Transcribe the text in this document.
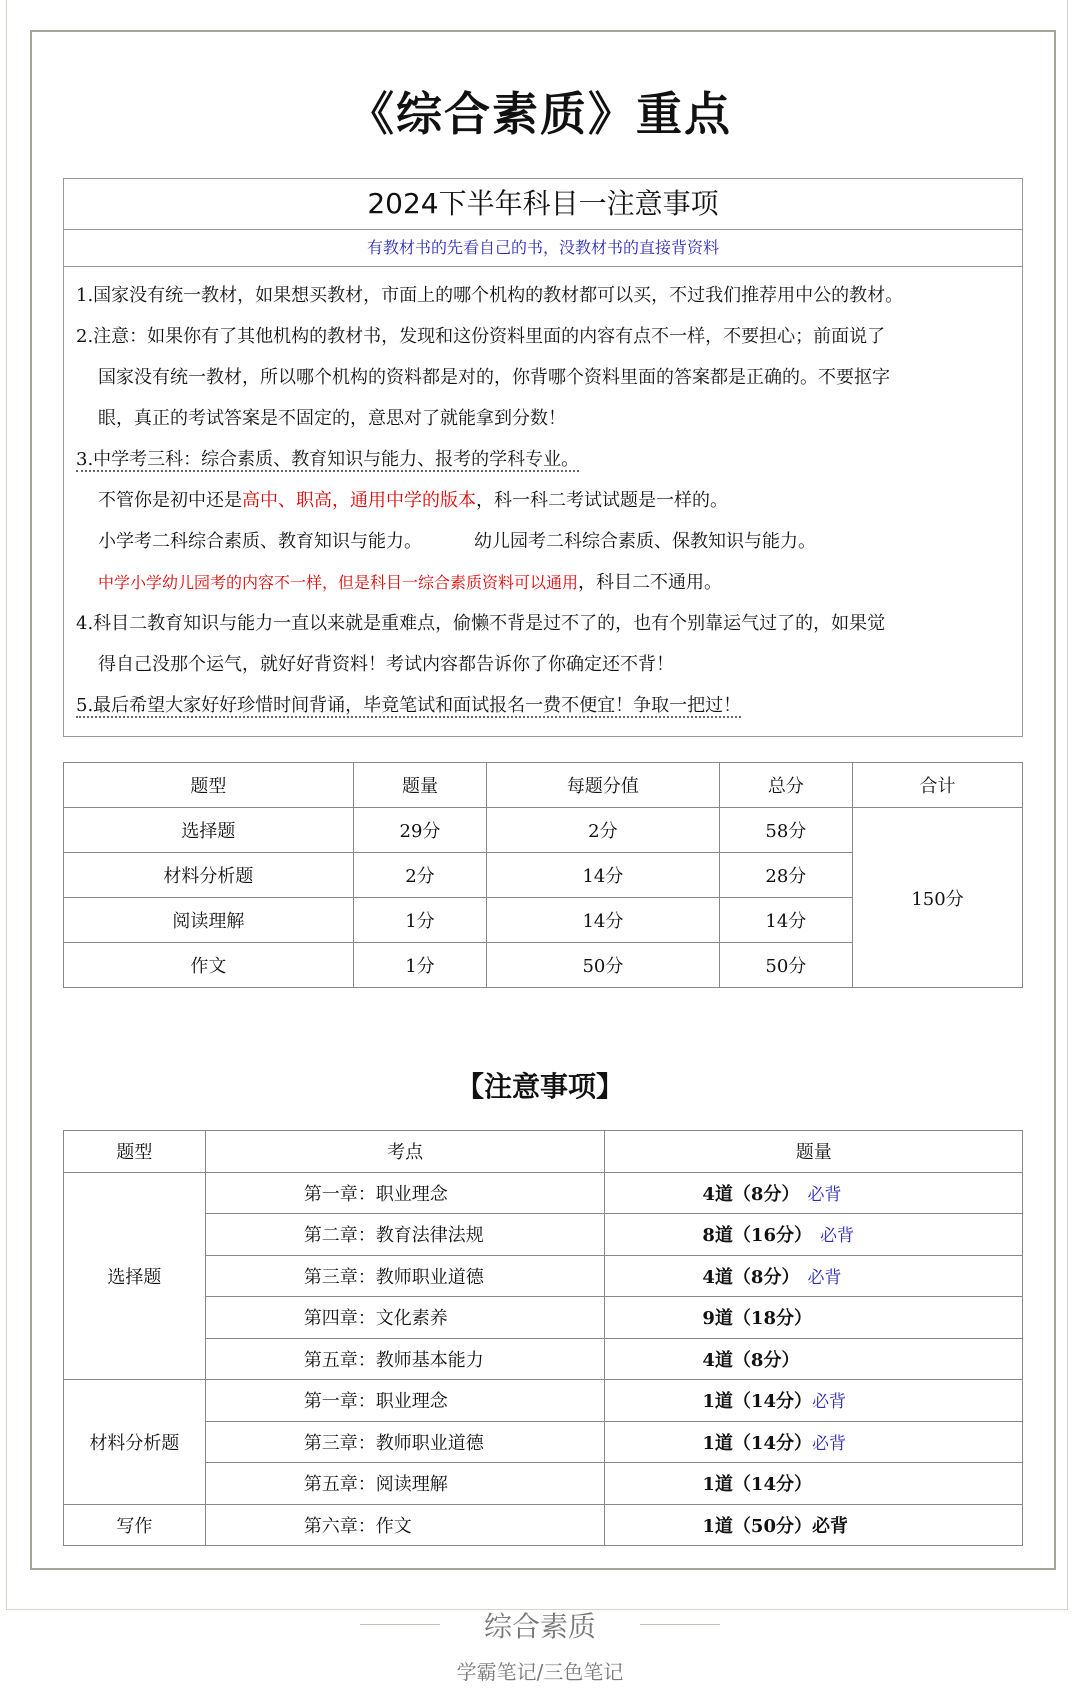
《综合素质》重点
2024下半年科目一注意事项
有教材书的先看自己的书，没教材书的直接背资料
1.国家没有统一教材，如果想买教材，市面上的哪个机构的教材都可以买，不过我们推荐用中公的教材。
2.注意：如果你有了其他机构的教材书，发现和这份资料里面的内容有点不一样，不要担心；前面说了
国家没有统一教材，所以哪个机构的资料都是对的，你背哪个资料里面的答案都是正确的。不要抠字
眼，真正的考试答案是不固定的，意思对了就能拿到分数！
3.中学考三科：综合素质、教育知识与能力、报考的学科专业。
不管你是初中还是高中、职高，通用中学的版本，科一科二考试试题是一样的。
小学考二科综合素质、教育知识与能力。	幼儿园考二科综合素质、保教知识与能力。
中学小学幼儿园考的内容不一样，但是科目一综合素质资料可以通用，科目二不通用。
4.科目二教育知识与能力一直以来就是重难点，偷懒不背是过不了的，也有个别靠运气过了的，如果觉
得自己没那个运气，就好好背资料！考试内容都告诉你了你确定还不背！
5.最后希望大家好好珍惜时间背诵，毕竟笔试和面试报名一费不便宜！争取一把过！
题型	题量	每题分值	总分	合计
选择题	29分	2分	58分	150分
材料分析题	2分	14分	28分	
阅读理解	1分	14分	14分	
作文	1分	50分	50分	
【注意事项】
题型	考点	题量
选择题	第一章：职业理念	4道（8分） 必背
	第二章：教育法律法规	8道（16分） 必背
	第三章：教师职业道德	4道（8分） 必背
	第四章：文化素养	9道（18分）
	第五章：教师基本能力	4道（8分）
材料分析题	第一章：职业理念	1道（14分）必背
	第三章：教师职业道德	1道（14分）必背
	第五章：阅读理解	1道（14分）
写作	第六章：作文	1道（50分）必背
综合素质
学霸笔记/三色笔记
